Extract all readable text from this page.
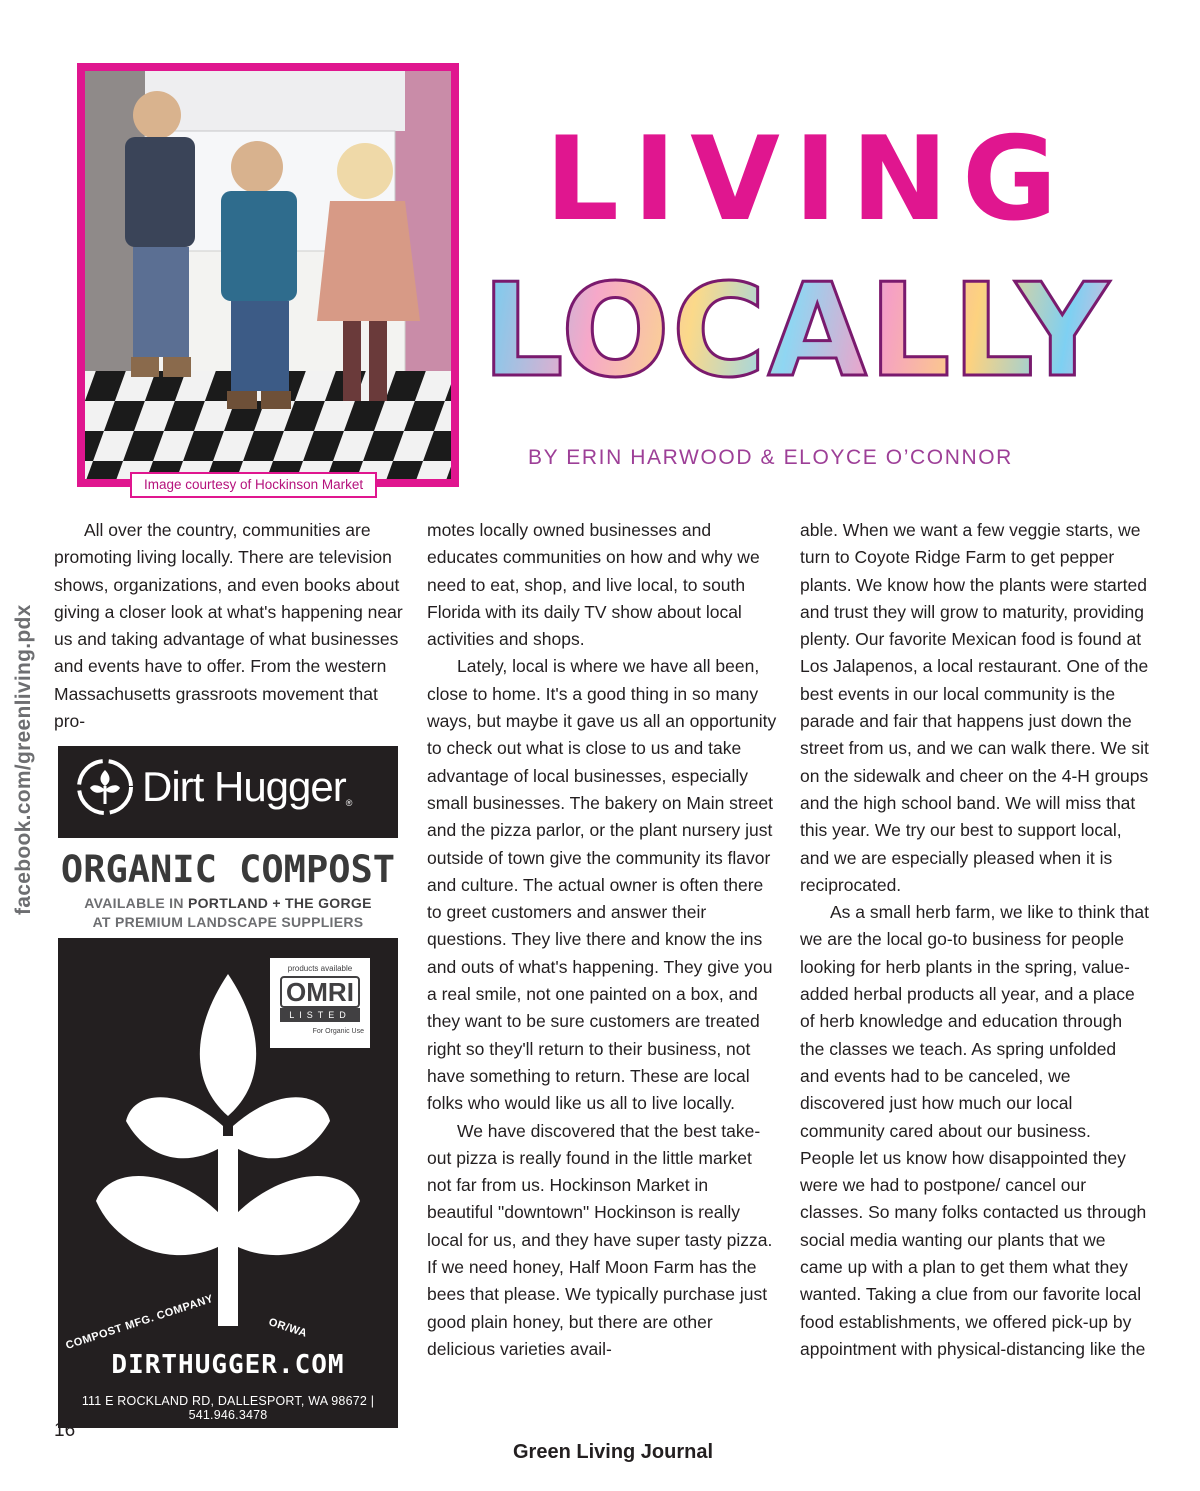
Image courtesy of Hockinson Market
LIVING
LOCALLY
BY ERIN HARWOOD & ELOYCE O’CONNOR
facebook.com/greenliving.pdx

All over the country, communities are promoting living locally. There are television shows, organizations, and even books about giving a closer look at what's happening near us and taking advantage of what businesses and events have to offer. From the western Massachusetts grassroots movement that pro-

motes locally owned businesses and educates communities on how and why we need to eat, shop, and live local, to south Florida with its daily TV show about local activities and shops.

Lately, local is where we have all been, close to home. It's a good thing in so many ways, but maybe it gave us all an opportunity to check out what is close to us and take advantage of local businesses, especially small businesses. The bakery on Main street and the pizza parlor, or the plant nursery just outside of town give the community its flavor and culture. The actual owner is often there to greet customers and answer their questions. They live there and know the ins and outs of what's happening. They give you a real smile, not one painted on a box, and they want to be sure customers are treated right so they'll return to their business, not have something to return. These are local folks who would like us all to live locally.

We have discovered that the best take-out pizza is really found in the little market not far from us. Hockinson Market in beautiful "downtown" Hockinson is really local for us, and they have super tasty pizza. If we need honey, Half Moon Farm has the bees that please. We typically purchase just good plain honey, but there are other delicious varieties avail-

able. When we want a few veggie starts, we turn to Coyote Ridge Farm to get pepper plants. We know how the plants were started and trust they will grow to maturity, providing plenty. Our favorite Mexican food is found at Los Jalapenos, a local restaurant. One of the best events in our local community is the parade and fair that happens just down the street from us, and we can walk there. We sit on the sidewalk and cheer on the 4-H groups and the high school band. We will miss that this year. We try our best to support local, and we are especially pleased when it is reciprocated.

As a small herb farm, we like to think that we are the local go-to business for people looking for herb plants in the spring, value-added herbal products all year, and a place of herb knowledge and education through the classes we teach. As spring unfolded and events had to be canceled, we discovered just how much our local community cared about our business. People let us know how disappointed they were we had to postpone/ cancel our classes. So many folks contacted us through social media wanting our plants that we came up with a plan to get them what they wanted. Taking a clue from our favorite local food establishments, we offered pick-up by appointment with physical-distancing like the

Dirt Hugger ®
ORGANIC COMPOST
AVAILABLE IN PORTLAND + THE GORGE
AT PREMIUM LANDSCAPE SUPPLIERS
products available
OMRI
LISTED
For Organic Use
COMPOST MFG. COMPANY	OR/WA
DIRTHUGGER.COM
111 E ROCKLAND RD, DALLESPORT, WA 98672 | 541.946.3478
16
Green Living Journal
